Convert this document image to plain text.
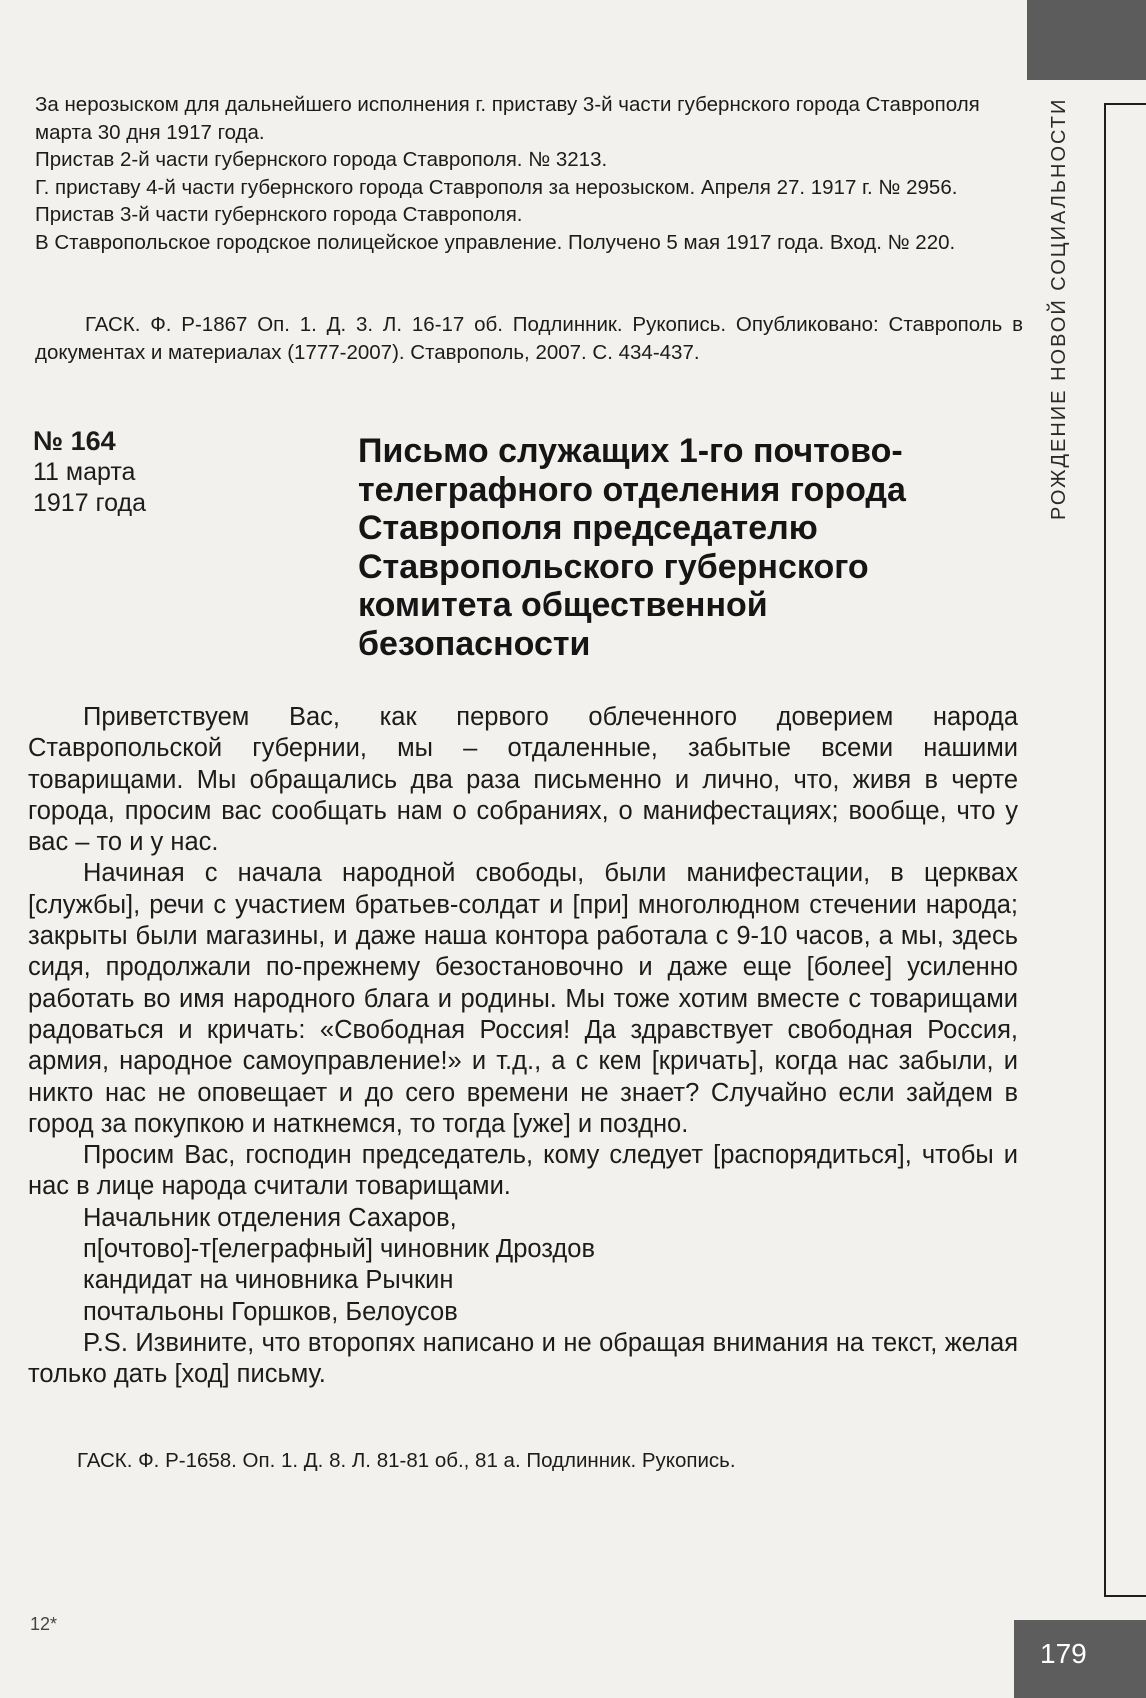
РОЖДЕНИЕ НОВОЙ СОЦИАЛЬНОСТИ

За нерозыском для дальнейшего исполнения г. приставу 3-й части губернского города Ставрополя марта 30 дня 1917 года.

Пристав 2-й части губернского города Ставрополя. № 3213.

Г. приставу 4-й части губернского города Ставрополя за нерозыском. Апреля 27. 1917 г. № 2956. Пристав 3-й части губернского города Ставрополя.

В Ставропольское городское полицейское управление. Получено 5 мая 1917 года. Вход. № 220.

ГАСК. Ф. Р-1867 Оп. 1. Д. 3. Л. 16-17 об. Подлинник. Рукопись. Опубликовано: Ставрополь в документах и материалах (1777-2007). Ставрополь, 2007. С. 434-437.

№ 164
11 марта
1917 года
Письмо служащих 1-го почтово-телеграфного отделения города Ставрополя председателю Ставропольского губернского комитета общественной безопасности

Приветствуем Вас, как первого облеченного доверием народа Ставропольской губернии, мы – отдаленные, забытые всеми нашими товарищами. Мы обращались два раза письменно и лично, что, живя в черте города, просим вас сообщать нам о собраниях, о манифестациях; вообще, что у вас – то и у нас.

Начиная с начала народной свободы, были манифестации, в церквах [службы], речи с участием братьев-солдат и [при] многолюдном стечении народа; закрыты были магазины, и даже наша контора работала с 9-10 часов, а мы, здесь сидя, продолжали по-прежнему безостановочно и даже еще [более] усиленно работать во имя народного блага и родины. Мы тоже хотим вместе с товарищами радоваться и кричать: «Свободная Россия! Да здравствует свободная Россия, армия, народное самоуправление!» и т.д., а с кем [кричать], когда нас забыли, и никто нас не оповещает и до сего времени не знает? Случайно если зайдем в город за покупкою и наткнемся, то тогда [уже] и поздно.

Просим Вас, господин председатель, кому следует [распорядиться], чтобы и нас в лице народа считали товарищами.

Начальник отделения Сахаров,

п[очтово]-т[елеграфный] чиновник Дроздов

кандидат на чиновника Рычкин

почтальоны Горшков, Белоусов

P.S. Извините, что второпях написано и не обращая внимания на текст, желая только дать [ход] письму.

ГАСК. Ф. Р-1658. Оп. 1. Д. 8. Л. 81-81 об., 81 а. Подлинник. Рукопись.

12*
179
